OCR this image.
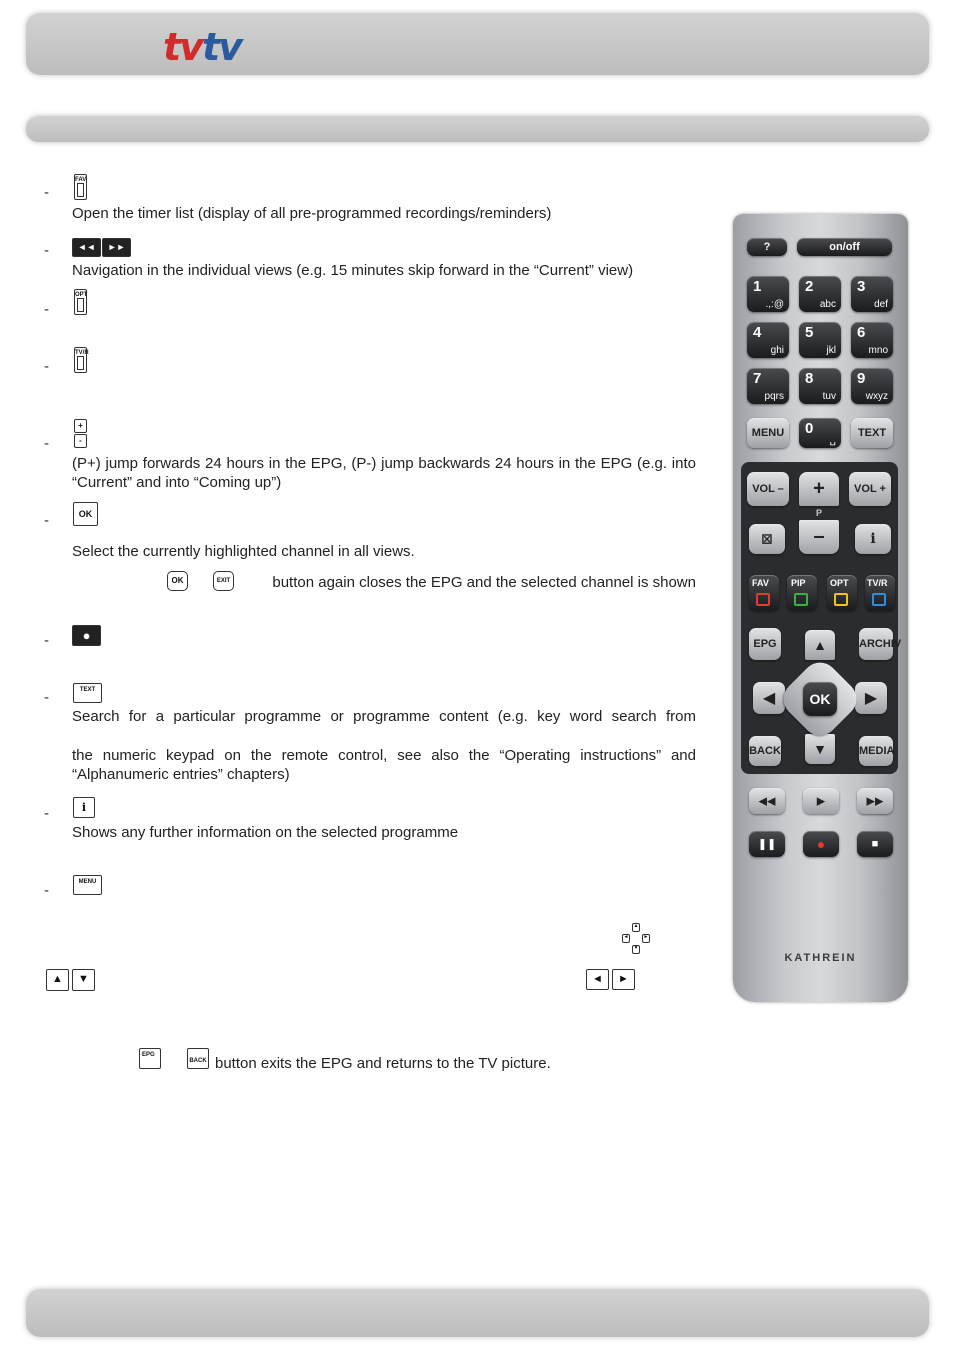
tvtv
-
FAV
Open the timer list (display of all pre-programmed recordings/reminders)
-	◄◄	►►
Navigation in the individual views (e.g. 15 minutes skip forward in the “Current” view)
-
OPT
-
TV/R
-
+
-
(P+) jump forwards 24 hours in the EPG, (P-) jump backwards 24 hours in the EPG (e.g. into “Current” and into “Coming up”)
-	OK
Select the currently highlighted channel in all views.
OK	EXIT	button again closes the EPG and the selected channel is shown
-	●
-	TEXT
Search for a particular programme or programme content (e.g. key word search from
the numeric keypad on the remote control, see also the “Operating instructions” and “Alphanumeric entries” chapters)
-	i
Shows any further information on the selected programme
-	MENU
▲
▼
◄	►
▲	▼	◄	►
EPG
BACK button exits the EPG and returns to the TV picture.
?	on/off
1
.,:@
2
abc
3
def
4
ghi
5
jkl
6
mno
7
pqrs
8
tuv
9
wxyz
MENU	0
␣
TEXT
VOL –	+
P
–
VOL +
⊠	i
FAV PIP	OPT TV/R
EPG	ARCHIV
BACK	MEDIA
▲
▼
◀	▶
OK
◀◀	▶	▶▶
❚❚	●	■
KATHREIN
